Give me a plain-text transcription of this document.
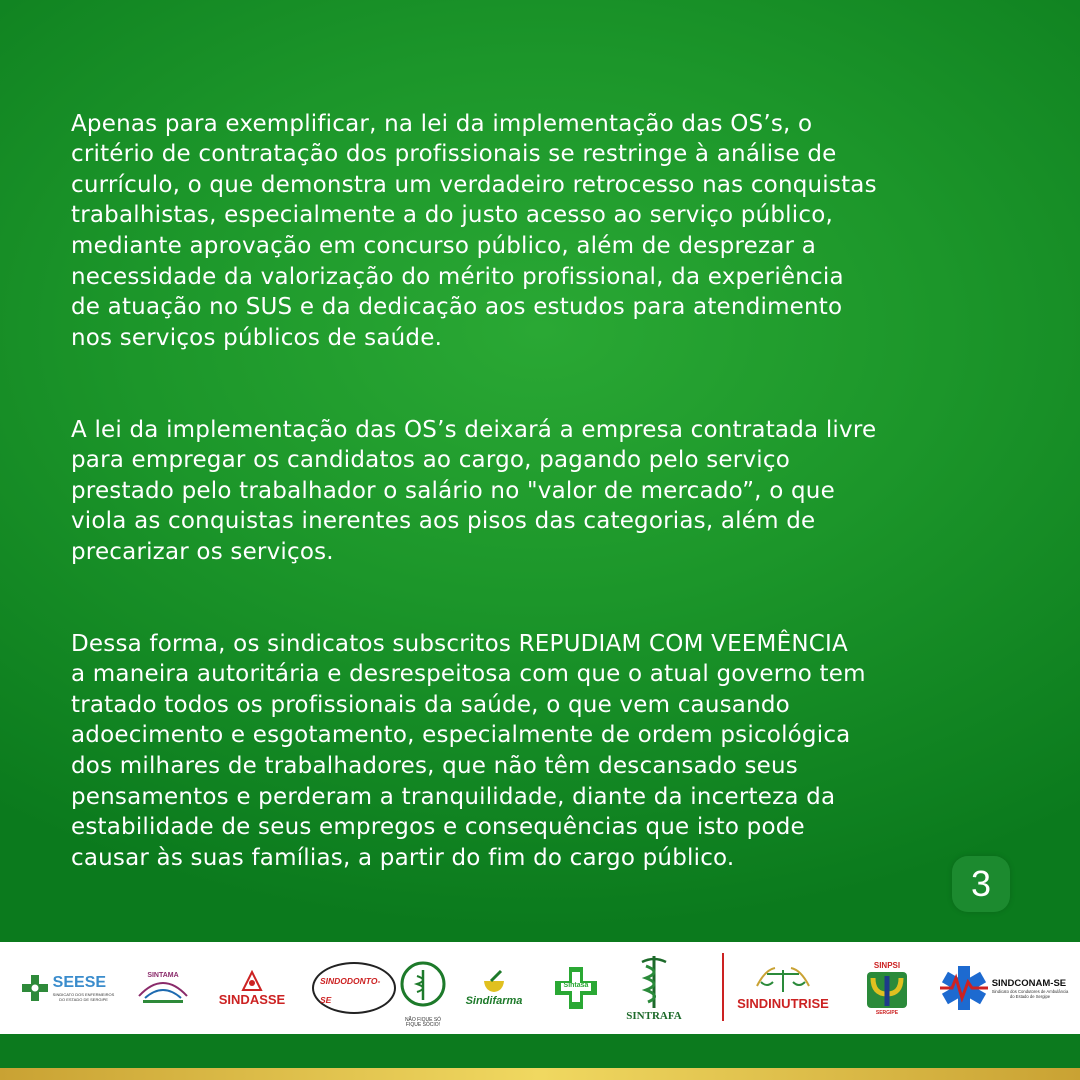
Apenas para exemplificar, na lei da implementação das OS’s, o
critério de contratação dos profissionais se restringe à análise de
currículo, o que demonstra um verdadeiro retrocesso nas conquistas
trabalhistas, especialmente a do justo acesso ao serviço público,
mediante aprovação em concurso público, além de desprezar a
necessidade da valorização do mérito profissional, da experiência
de atuação no SUS e da dedicação aos estudos para atendimento
nos serviços públicos de saúde.

A lei da implementação das OS’s deixará a empresa contratada livre
para empregar os candidatos ao cargo, pagando pelo serviço
prestado pelo trabalhador o salário no "valor de mercado”, o que
viola as conquistas inerentes aos pisos das categorias, além de
precarizar os serviços.

Dessa forma, os sindicatos subscritos REPUDIAM COM VEEMÊNCIA
a maneira autoritária e desrespeitosa com que o atual governo tem
tratado todos os profissionais da saúde, o que vem causando
adoecimento e esgotamento, especialmente de ordem psicológica
dos milhares de trabalhadores, que não têm descansado seus
pensamentos e perderam a tranquilidade, diante da incerteza da
estabilidade de seus empregos e consequências que isto pode
causar às suas famílias, a partir do fim do cargo público.

3
SEESE
SINDICATO DOS ENFERMEIROS
DO ESTADO DE SERGIPE
SINTAMA
SINDASSE
SINDODONTO-SE
NÃO FIQUE SÓ
FIQUE SÓCIO!
Sindifarma
Sintasa
SINTRAFA
SINDINUTRISE
SINPSI
SERGIPE
SINDCONAM-SE
Sindicato dos Condutores de Ambulância
do Estado de Sergipe
